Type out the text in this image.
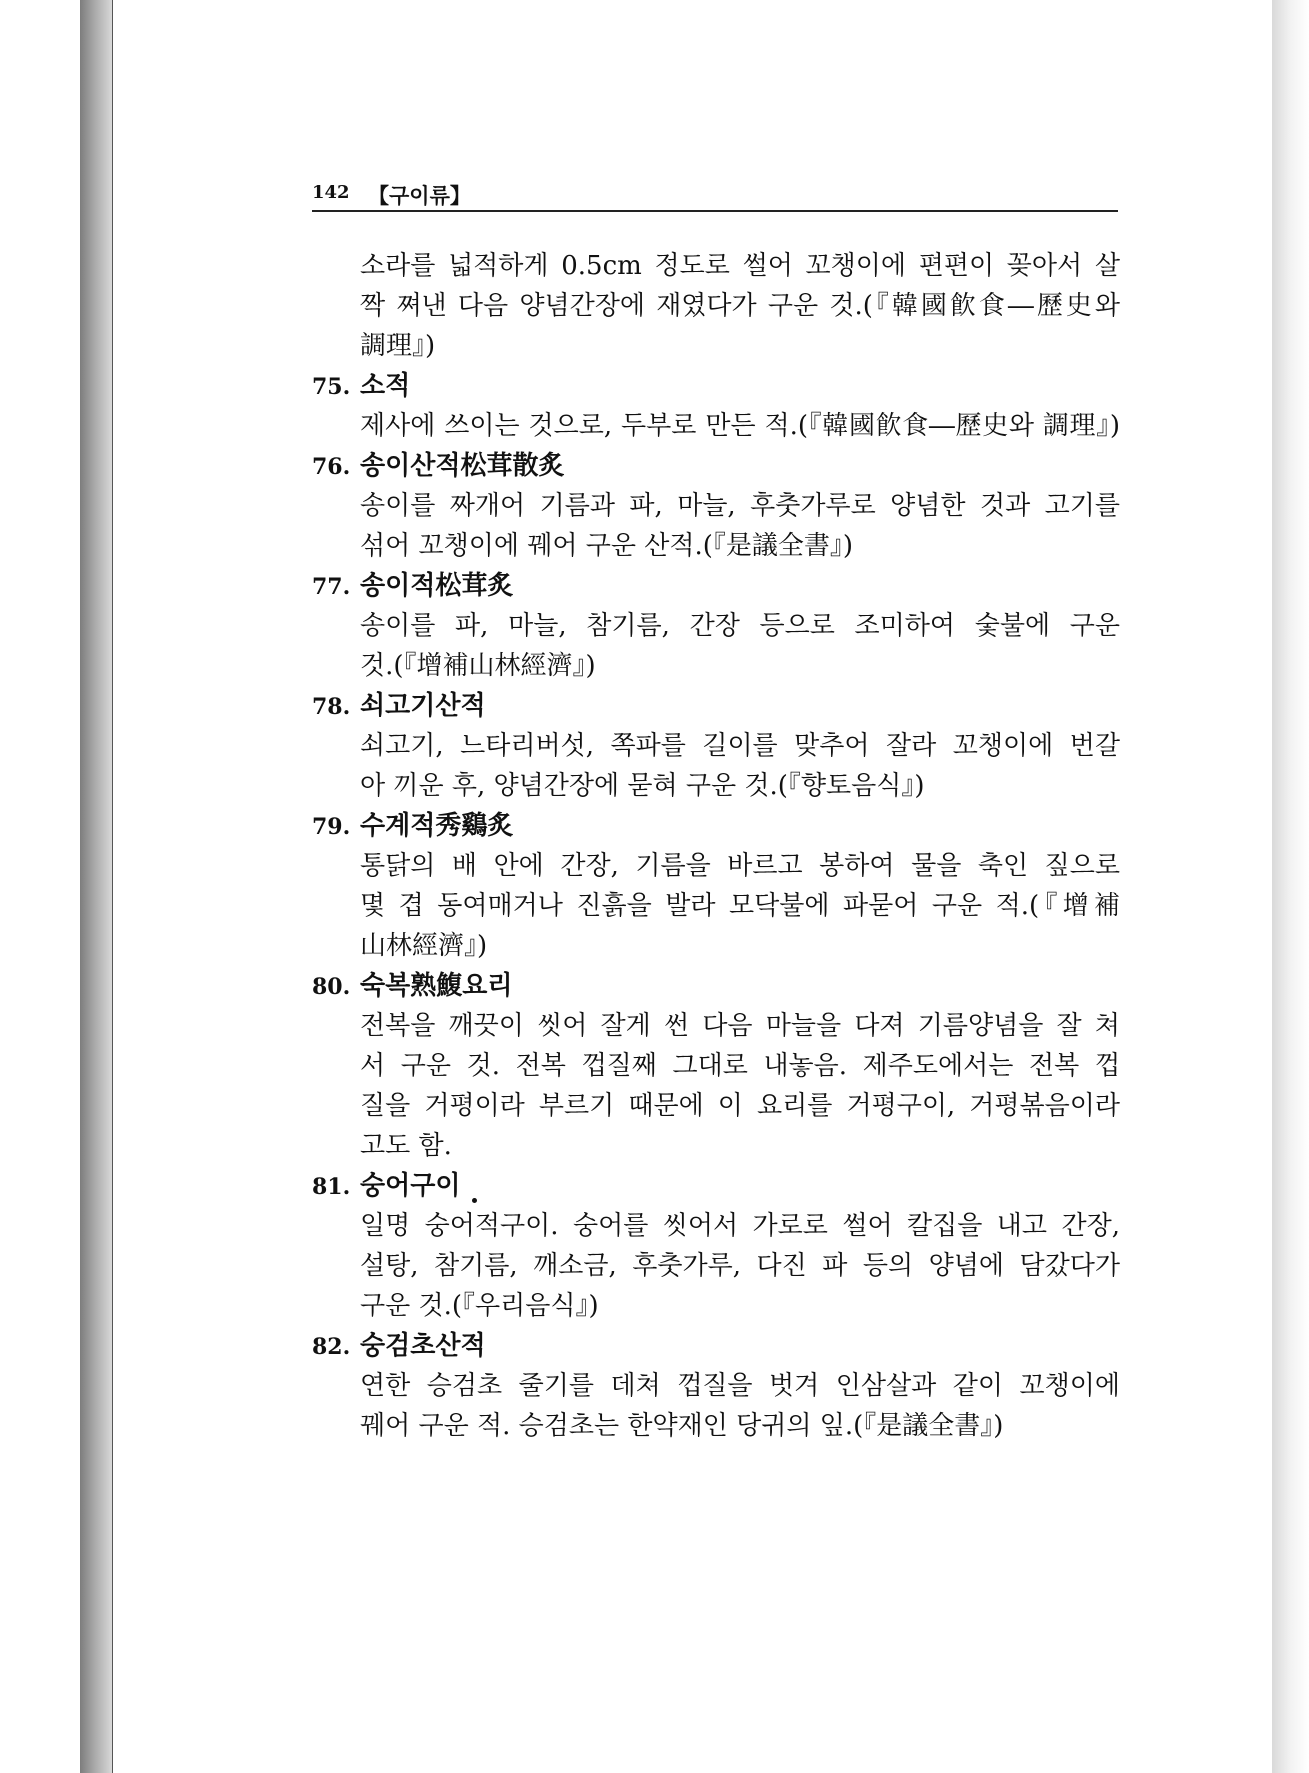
142 【구이류】
소라를 넓적하게 0.5cm 정도로 썰어 꼬챙이에 편편이 꽂아서 살
짝 쪄낸 다음 양념간장에 재였다가 구운 것.(『韓國飮食―歷史와
調理』)
75. 소적
제사에 쓰이는 것으로, 두부로 만든 적.(『韓國飮食―歷史와 調理』)
76. 송이산적松茸散炙
송이를 짜개어 기름과 파, 마늘, 후춧가루로 양념한 것과 고기를
섞어 꼬챙이에 꿰어 구운 산적.(『是議全書』)
77. 송이적松茸炙
송이를 파, 마늘, 참기름, 간장 등으로 조미하여 숯불에 구운
것.(『增補山林經濟』)
78. 쇠고기산적
쇠고기, 느타리버섯, 쪽파를 길이를 맞추어 잘라 꼬챙이에 번갈
아 끼운 후, 양념간장에 묻혀 구운 것.(『향토음식』)
79. 수계적秀鷄炙
통닭의 배 안에 간장, 기름을 바르고 봉하여 물을 축인 짚으로
몇 겹 동여매거나 진흙을 발라 모닥불에 파묻어 구운 적.(『增補
山林經濟』)
80. 숙복熟鰒요리
전복을 깨끗이 씻어 잘게 썬 다음 마늘을 다져 기름양념을 잘 쳐
서 구운 것. 전복 껍질째 그대로 내놓음. 제주도에서는 전복 껍
질을 거평이라 부르기 때문에 이 요리를 거평구이, 거평볶음이라
고도 함.
81. 숭어구이
일명 숭어적구이. 숭어를 씻어서 가로로 썰어 칼집을 내고 간장,
설탕, 참기름, 깨소금, 후춧가루, 다진 파 등의 양념에 담갔다가
구운 것.(『우리음식』)
82. 숭검초산적
연한 승검초 줄기를 데쳐 껍질을 벗겨 인삼살과 같이 꼬챙이에
꿰어 구운 적. 승검초는 한약재인 당귀의 잎.(『是議全書』)
